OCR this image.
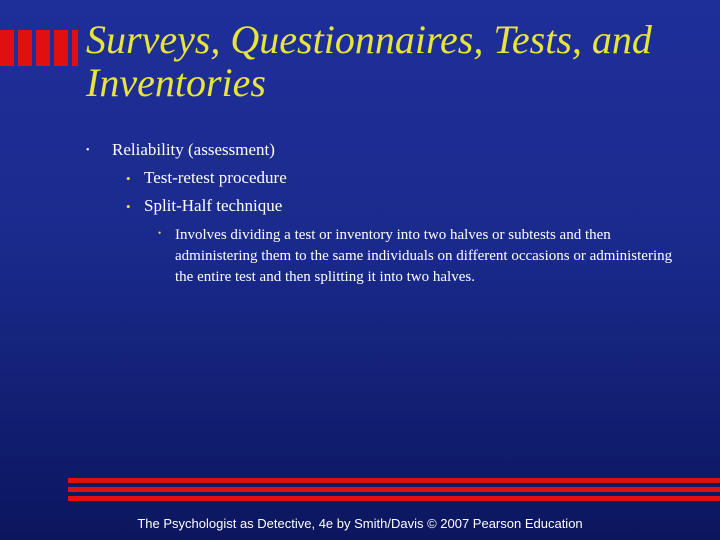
Surveys, Questionnaires, Tests, and Inventories
• Reliability (assessment)
• Test-retest procedure
• Split-Half technique
• Involves dividing a test or inventory into two halves or subtests and then administering them to the same individuals on different occasions or administering the entire test and then splitting it into two halves.
The Psychologist as Detective, 4e by Smith/Davis © 2007 Pearson Education
